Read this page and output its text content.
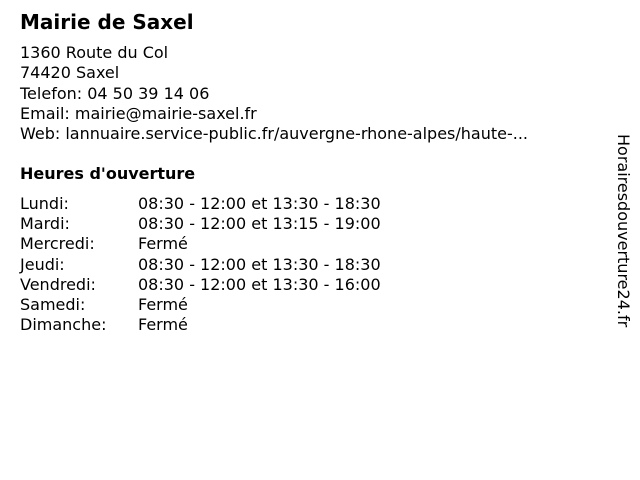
Mairie de Saxel
1360 Route du Col
74420 Saxel
Telefon: 04 50 39 14 06
Email: mairie@mairie-saxel.fr
Web: lannuaire.service-public.fr/auvergne-rhone-alpes/haute-...
Heures d'ouverture
Lundi:	08:30 - 12:00 et 13:30 - 18:30
Mardi:	08:30 - 12:00 et 13:15 - 19:00
Mercredi:	Fermé
Jeudi:	08:30 - 12:00 et 13:30 - 18:30
Vendredi:	08:30 - 12:00 et 13:30 - 16:00
Samedi:	Fermé
Dimanche: Fermé	Horairesdouverture24.fr
